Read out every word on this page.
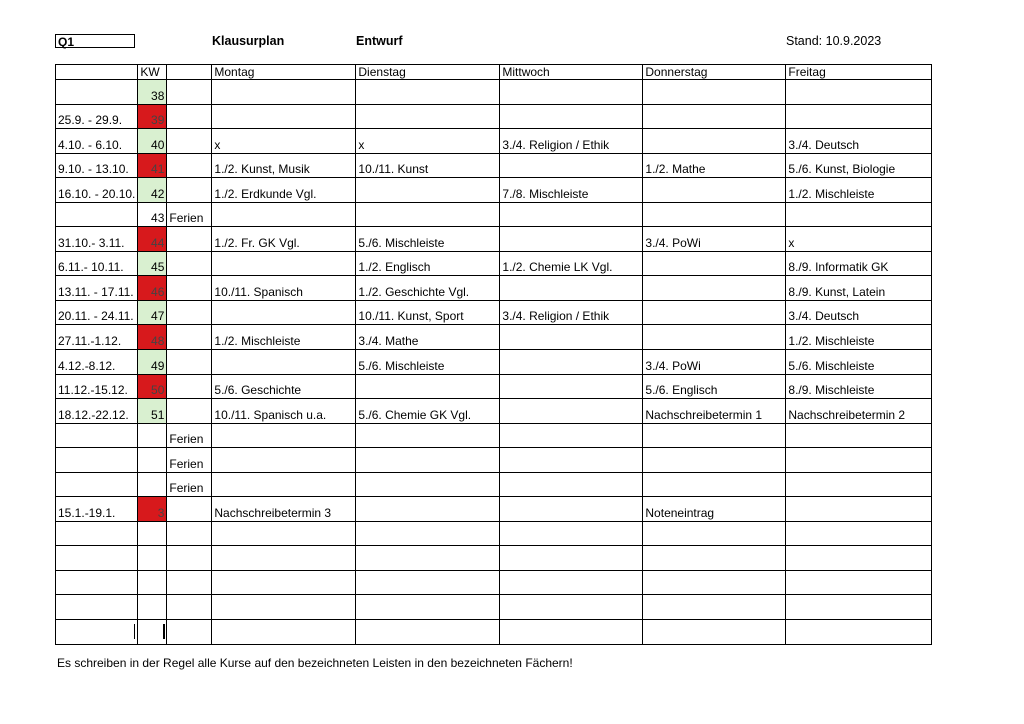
Q1	Klausurplan	Entwurf	Stand: 10.9.2023
	KW		Montag	Dienstag	Mittwoch	Donnerstag	Freitag
	38						
25.9. - 29.9.	39						
4.10. - 6.10.	40		x	x	3./4. Religion / Ethik		3./4. Deutsch
9.10. - 13.10.	41		1./2. Kunst, Musik	10./11. Kunst		1./2. Mathe	5./6. Kunst, Biologie
16.10. - 20.10.	42		1./2. Erdkunde Vgl.		7./8. Mischleiste		1./2. Mischleiste
	43	Ferien					
31.10.- 3.11.	44		1./2. Fr. GK Vgl.	5./6. Mischleiste		3./4. PoWi	x
6.11.- 10.11.	45			1./2. Englisch	1./2. Chemie LK Vgl.		8./9. Informatik GK
13.11. - 17.11.	46		10./11. Spanisch	1./2. Geschichte Vgl.			8./9. Kunst, Latein
20.11. - 24.11.	47			10./11. Kunst, Sport	3./4. Religion / Ethik		3./4. Deutsch
27.11.-1.12.	48		1./2. Mischleiste	3./4. Mathe			1./2. Mischleiste
4.12.-8.12.	49			5./6. Mischleiste		3./4. PoWi	5./6. Mischleiste
11.12.-15.12.	50		5./6. Geschichte			5./6. Englisch	8./9. Mischleiste
18.12.-22.12.	51		10./11. Spanisch u.a.	5./6. Chemie GK Vgl.		Nachschreibetermin 1	Nachschreibetermin 2
		Ferien					
		Ferien					
		Ferien					
15.1.-19.1.	3		Nachschreibetermin 3			Noteneintrag	

Es schreiben in der Regel alle Kurse auf den bezeichneten Leisten in den bezeichneten Fächern!
